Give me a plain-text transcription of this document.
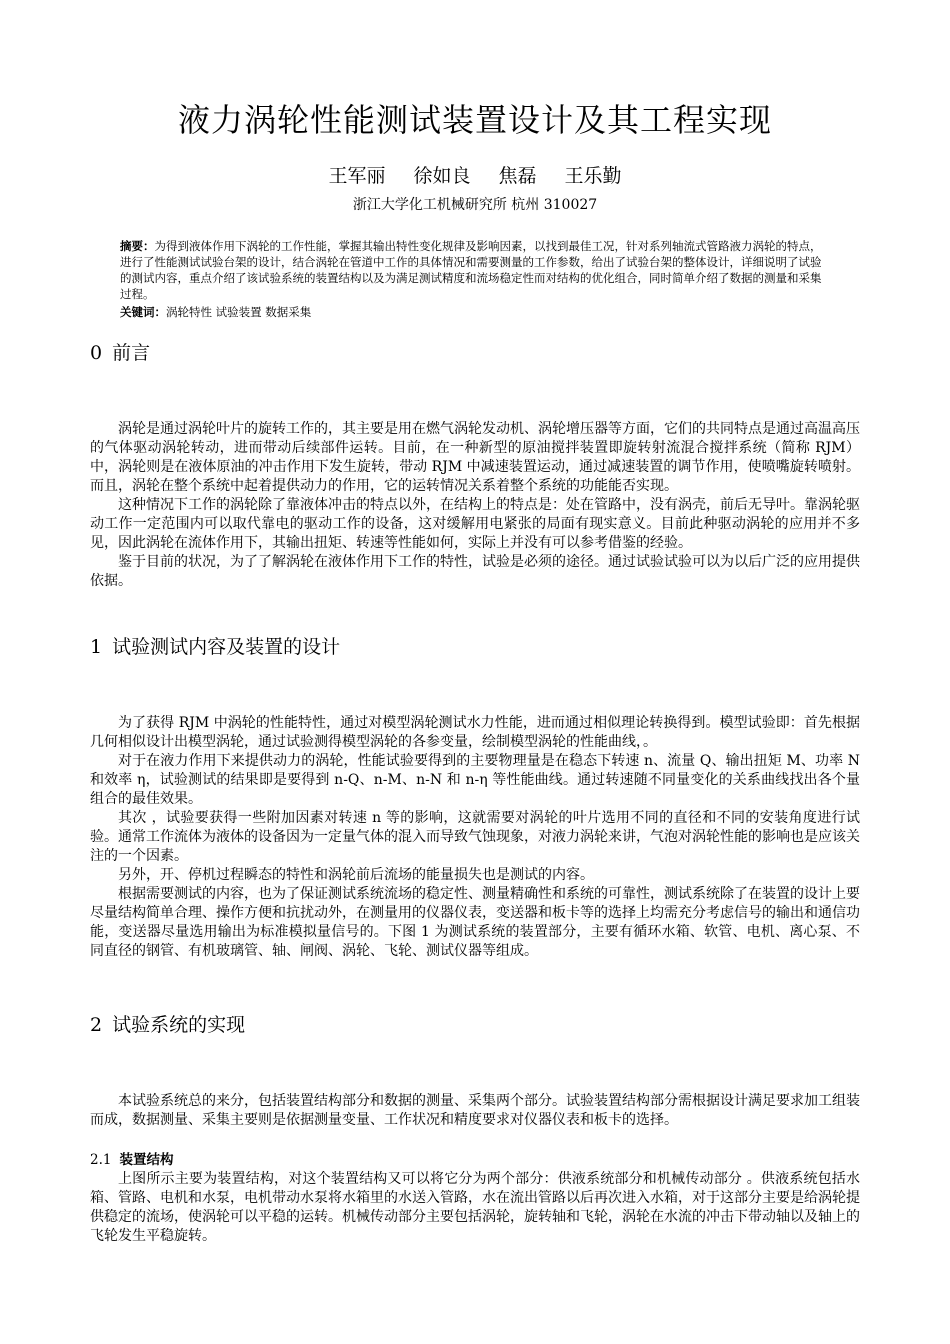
液力涡轮性能测试装置设计及其工程实现
王军丽 徐如良 焦磊 王乐勤
浙江大学化工机械研究所 杭州 310027
摘要：为得到液体作用下涡轮的工作性能，掌握其输出特性变化规律及影响因素，以找到最佳工况，针对系列轴流式管路液力涡轮的特点，进行了性能测试试验台架的设计，结合涡轮在管道中工作的具体情况和需要测量的工作参数，给出了试验台架的整体设计，详细说明了试验的测试内容，重点介绍了该试验系统的装置结构以及为满足测试精度和流场稳定性而对结构的优化组合，同时简单介绍了数据的测量和采集过程。
关键词：涡轮特性 试验装置 数据采集
0 前言

涡轮是通过涡轮叶片的旋转工作的，其主要是用在燃气涡轮发动机、涡轮增压器等方面，它们的共同特点是通过高温高压的气体驱动涡轮转动，进而带动后续部件运转。目前，在一种新型的原油搅拌装置即旋转射流混合搅拌系统（简称 RJM）中，涡轮则是在液体原油的冲击作用下发生旋转，带动 RJM 中减速装置运动，通过减速装置的调节作用，使喷嘴旋转喷射。而且，涡轮在整个系统中起着提供动力的作用，它的运转情况关系着整个系统的功能能否实现。

这种情况下工作的涡轮除了靠液体冲击的特点以外，在结构上的特点是：处在管路中，没有涡壳，前后无导叶。靠涡轮驱动工作一定范围内可以取代靠电的驱动工作的设备，这对缓解用电紧张的局面有现实意义。目前此种驱动涡轮的应用并不多见，因此涡轮在流体作用下，其输出扭矩、转速等性能如何，实际上并没有可以参考借鉴的经验。

鉴于目前的状况，为了了解涡轮在液体作用下工作的特性，试验是必须的途径。通过试验试验可以为以后广泛的应用提供依据。

1 试验测试内容及装置的设计

为了获得 RJM 中涡轮的性能特性，通过对模型涡轮测试水力性能，进而通过相似理论转换得到。模型试验即：首先根据几何相似设计出模型涡轮，通过试验测得模型涡轮的各参变量，绘制模型涡轮的性能曲线，。

对于在液力作用下来提供动力的涡轮，性能试验要得到的主要物理量是在稳态下转速 n、流量 Q、输出扭矩 M、功率 N 和效率 η，试验测试的结果即是要得到 n-Q、n-M、n-N 和 n-η 等性能曲线。通过转速随不同量变化的关系曲线找出各个量组合的最佳效果。

其次 ，试验要获得一些附加因素对转速 n 等的影响，这就需要对涡轮的叶片选用不同的直径和不同的安装角度进行试验。通常工作流体为液体的设备因为一定量气体的混入而导致气蚀现象，对液力涡轮来讲，气泡对涡轮性能的影响也是应该关注的一个因素。

另外，开、停机过程瞬态的特性和涡轮前后流场的能量损失也是测试的内容。

根据需要测试的内容，也为了保证测试系统流场的稳定性、测量精确性和系统的可靠性，测试系统除了在装置的设计上要尽量结构简单合理、操作方便和抗扰动外，在测量用的仪器仪表，变送器和板卡等的选择上均需充分考虑信号的输出和通信功能，变送器尽量选用输出为标准模拟量信号的。下图 1 为测试系统的装置部分，主要有循环水箱、软管、电机、离心泵、不同直径的钢管、有机玻璃管、轴、闸阀、涡轮、飞轮、测试仪器等组成。

2 试验系统的实现

本试验系统总的来分，包括装置结构部分和数据的测量、采集两个部分。试验装置结构部分需根据设计满足要求加工组装而成，数据测量、采集主要则是依据测量变量、工作状况和精度要求对仪器仪表和板卡的选择。

2.1 装置结构

上图所示主要为装置结构，对这个装置结构又可以将它分为两个部分：供液系统部分和机械传动部分 。供液系统包括水箱、管路、电机和水泵，电机带动水泵将水箱里的水送入管路，水在流出管路以后再次进入水箱，对于这部分主要是给涡轮提供稳定的流场，使涡轮可以平稳的运转。机械传动部分主要包括涡轮，旋转轴和飞轮，涡轮在水流的冲击下带动轴以及轴上的飞轮发生平稳旋转。
